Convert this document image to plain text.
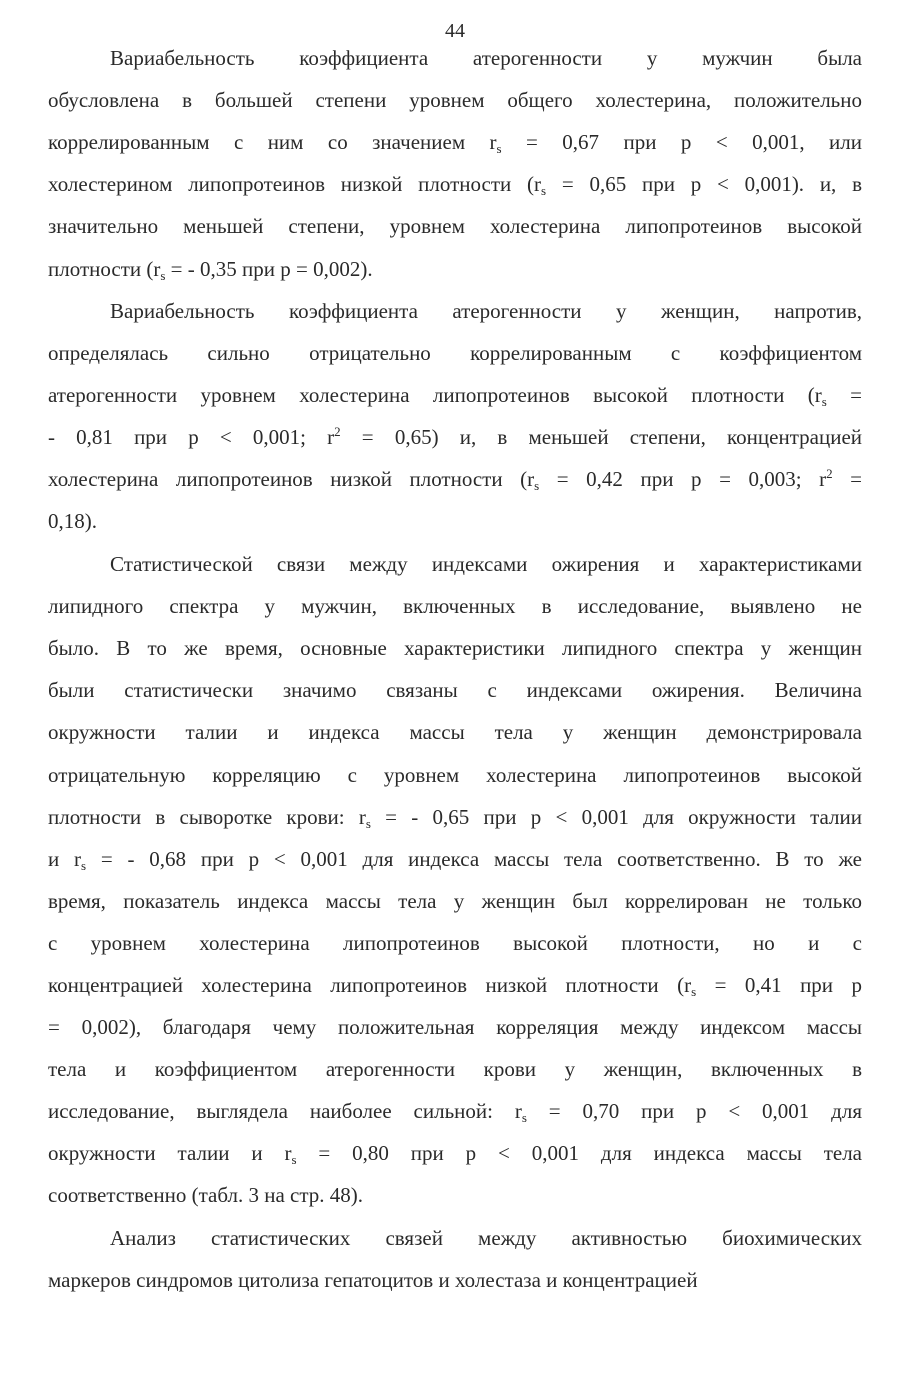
44
Вариабельность коэффициента атерогенности у мужчин была
обусловлена в большей степени уровнем общего холестерина, положительно
коррелированным с ним со значением $r_s = 0,67$ при p < 0,001, или
холестерином липопротеинов низкой плотности ($r_s = 0,65$ при p < 0,001). и, в
значительно меньшей степени, уровнем холестерина липопротеинов высокой
плотности ($r_s$ = - 0,35 при p = 0,002).
Вариабельность коэффициента атерогенности у женщин, напротив,
определялась сильно отрицательно коррелированным с коэффициентом
атерогенности уровнем холестерина липопротеинов высокой плотности ($r_s$ =
- 0,81 при p < 0,001; $r^2 = 0,65$) и, в меньшей степени, концентрацией
холестерина липопротеинов низкой плотности ($r_s = 0,42$ при p = 0,003; $r^2$ =
0,18).
Статистической связи между индексами ожирения и характеристиками
липидного спектра у мужчин, включенных в исследование, выявлено не
было. В то же время, основные характеристики липидного спектра у женщин
были статистически значимо связаны с индексами ожирения. Величина
окружности талии и индекса массы тела у женщин демонстрировала
отрицательную корреляцию с уровнем холестерина липопротеинов высокой
плотности в сыворотке крови: $r_s$ = - 0,65 при p < 0,001 для окружности талии
и $r_s$ = - 0,68 при p < 0,001 для индекса массы тела соответственно. В то же
время, показатель индекса массы тела у женщин был коррелирован не только
с уровнем холестерина липопротеинов высокой плотности, но и с
концентрацией холестерина липопротеинов низкой плотности ($r_s = 0,41$ при p
= 0,002), благодаря чему положительная корреляция между индексом массы
тела и коэффициентом атерогенности крови у женщин, включенных в
исследование, выглядела наиболее сильной: $r_s = 0,70$ при p < 0,001 для
окружности талии и $r_s = 0,80$ при p < 0,001 для индекса массы тела
соответственно (табл. 3 на стр. 48).
Анализ статистических связей между активностью биохимических
маркеров синдромов цитолиза гепатоцитов и холестаза и концентрацией
